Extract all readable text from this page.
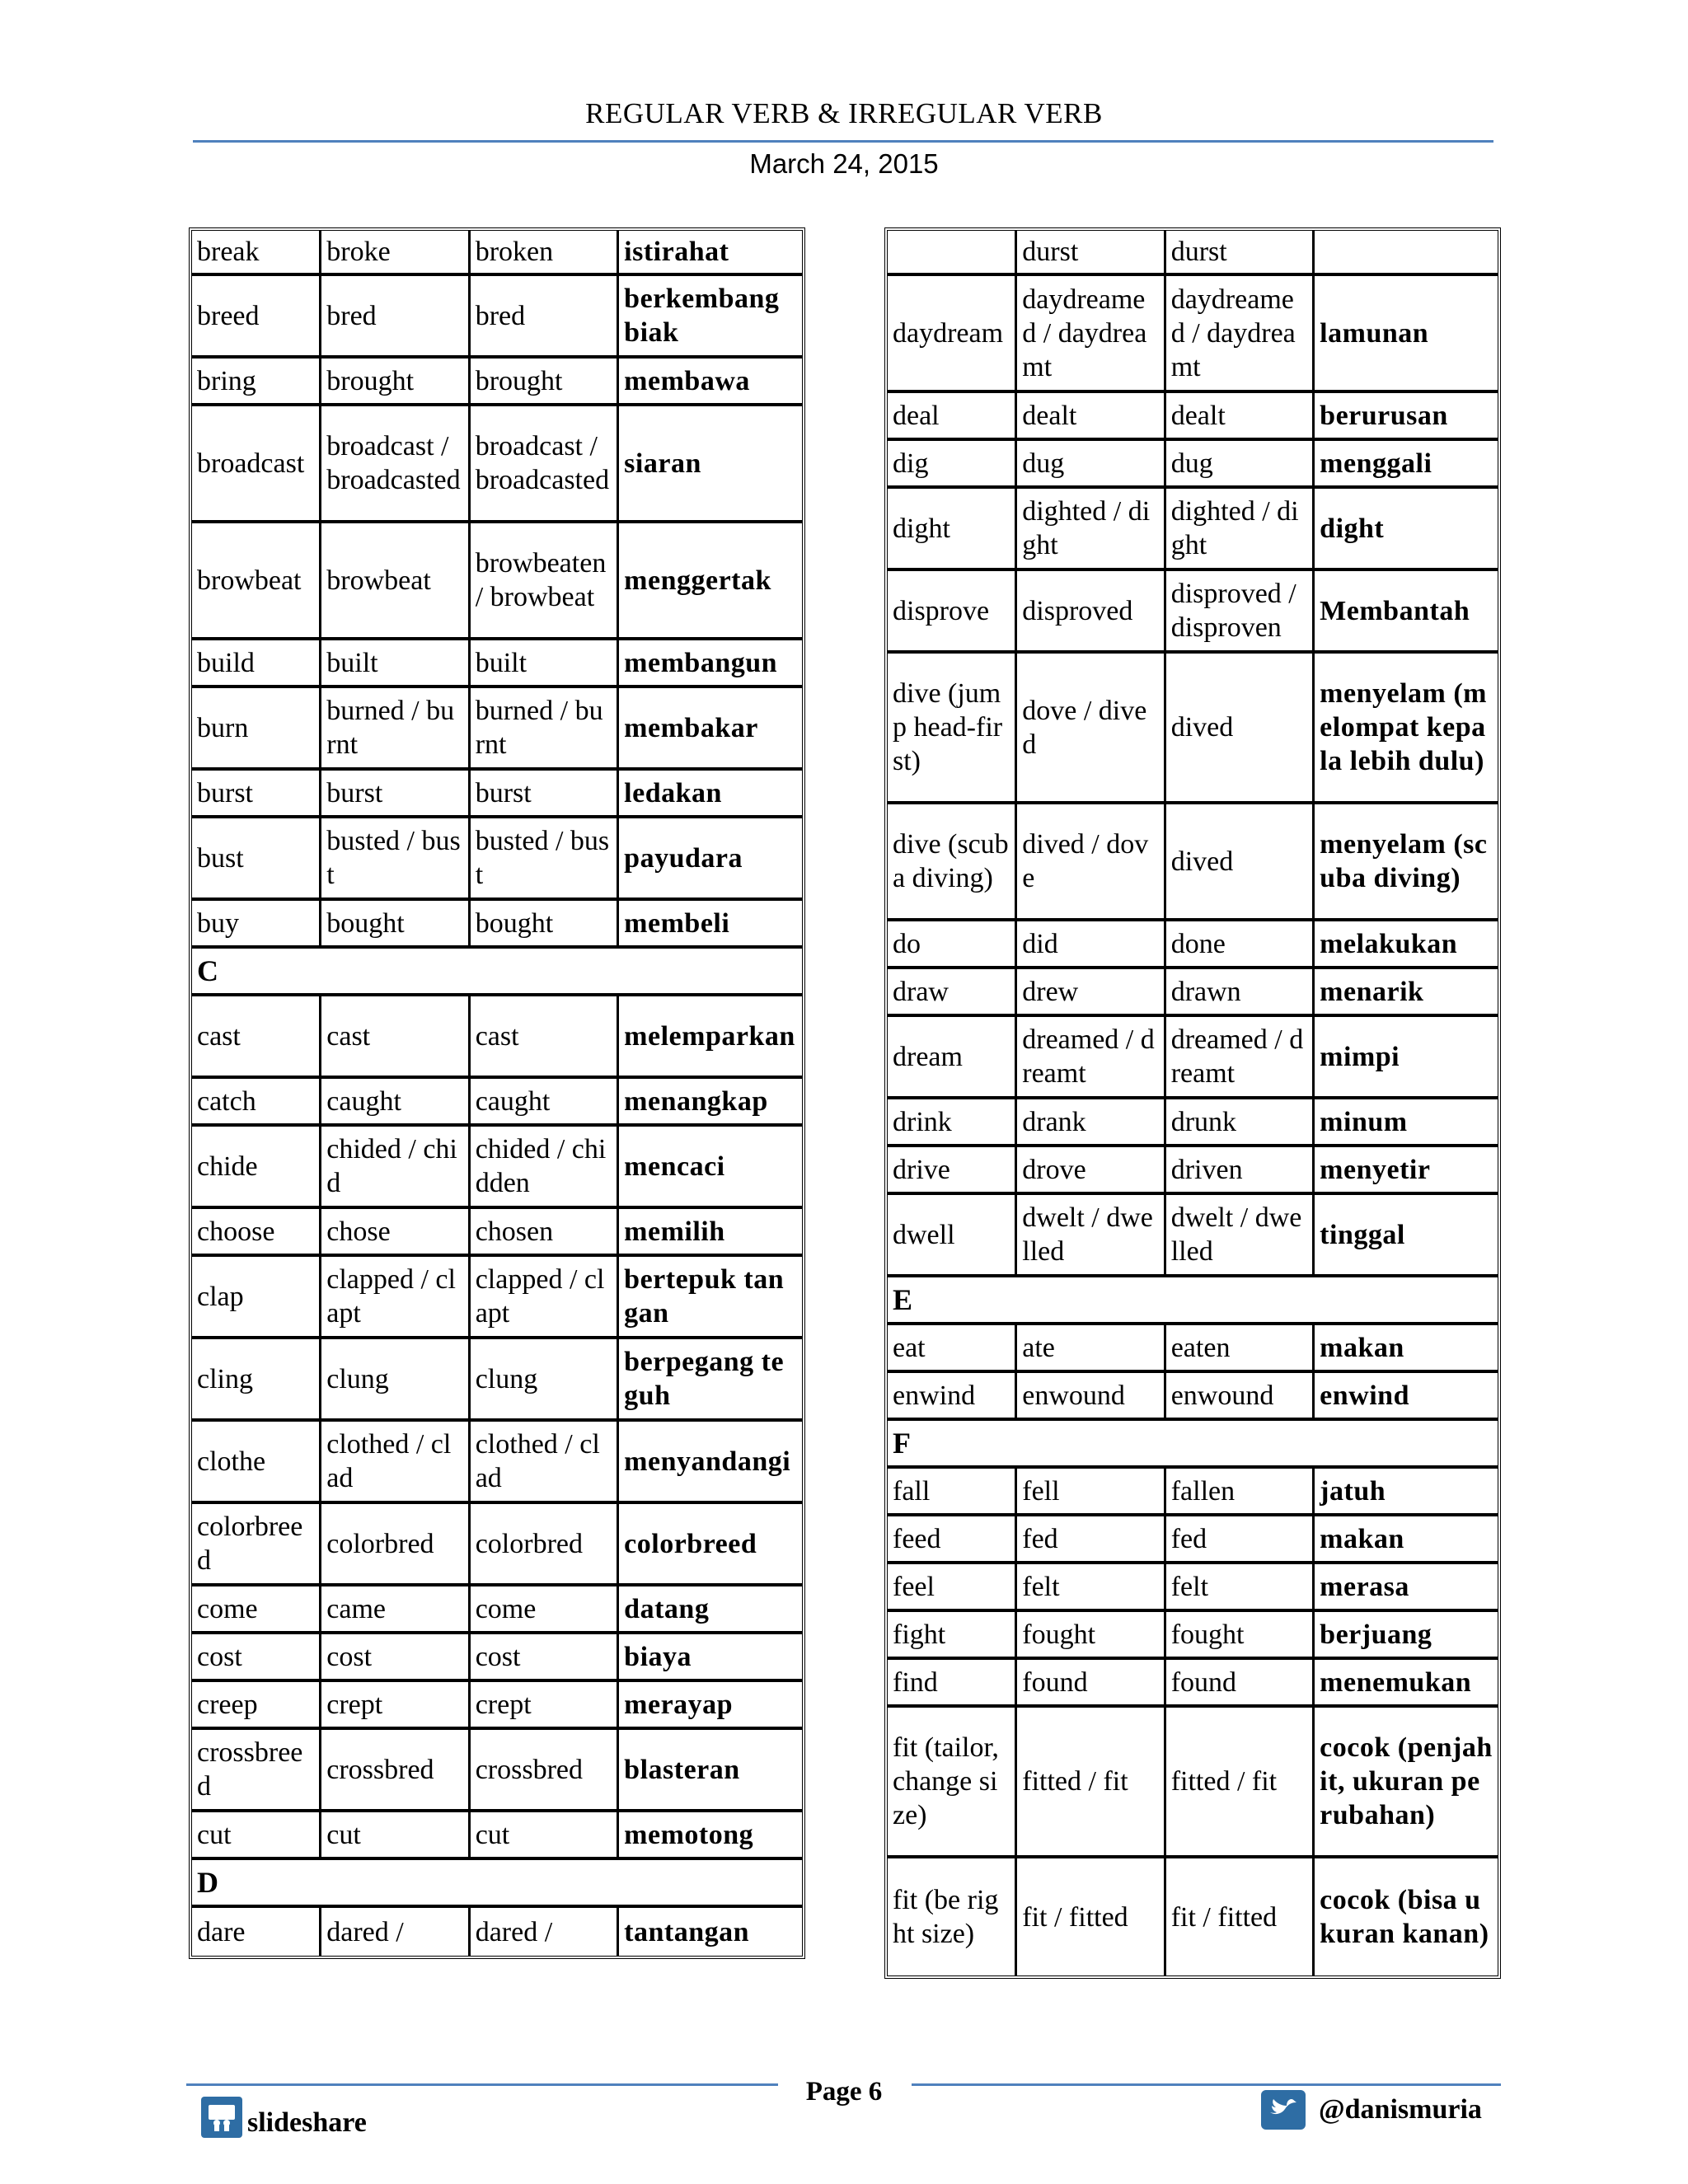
REGULAR VERB & IRREGULAR VERB
March 24, 2015
break	broke	broken	istirahat
breed	bred	bred	berkembang biak
bring	brought	brought	membawa
broadcast	broadcast / broadcasted	broadcast / broadcasted	siaran
browbeat	browbeat	browbeaten / browbeat	menggertak
build	built	built	membangun
burn	burned / burnt	burned / burnt	membakar
burst	burst	burst	ledakan
bust	busted / bust	busted / bust	payudara
buy	bought	bought	membeli
C			
cast	cast	cast	melemparkan
catch	caught	caught	menangkap
chide	chided / chid	chided / chidden	mencaci
choose	chose	chosen	memilih
clap	clapped / clapt	clapped / clapt	bertepuk tangan
cling	clung	clung	berpegang teguh
clothe	clothed / clad	clothed / clad	menyandangi
colorbreed	colorbred	colorbred	colorbreed
come	came	come	datang
cost	cost	cost	biaya
creep	crept	crept	merayap
crossbreed	crossbred	crossbred	blasteran
cut	cut	cut	memotong
D			
dare	dared /	dared /	tantangan
	durst	durst	
daydream	daydreamed / daydreamt	daydreamed / daydreamt	lamunan
deal	dealt	dealt	berurusan
dig	dug	dug	menggali
dight	dighted / dight	dighted / dight	dight
disprove	disproved	disproved / disproven	Membantah
dive (jump head-first)	dove / dived	dived	menyelam (melompat kepala lebih dulu)
dive (scuba diving)	dived / dove	dived	menyelam (scuba diving)
do	did	done	melakukan
draw	drew	drawn	menarik
dream	dreamed / dreamt	dreamed / dreamt	mimpi
drink	drank	drunk	minum
drive	drove	driven	menyetir
dwell	dwelt / dwelled	dwelt / dwelled	tinggal
E			
eat	ate	eaten	makan
enwind	enwound	enwound	enwind
F			
fall	fell	fallen	jatuh
feed	fed	fed	makan
feel	felt	felt	merasa
fight	fought	fought	berjuang
find	found	found	menemukan
fit (tailor, change size)	fitted / fit	fitted / fit	cocok (penjahit, ukuran perubahan)
fit (be right size)	fit / fitted	fit / fitted	cocok (bisa ukuran kanan)
Page 6
slideshare	@danismuria
